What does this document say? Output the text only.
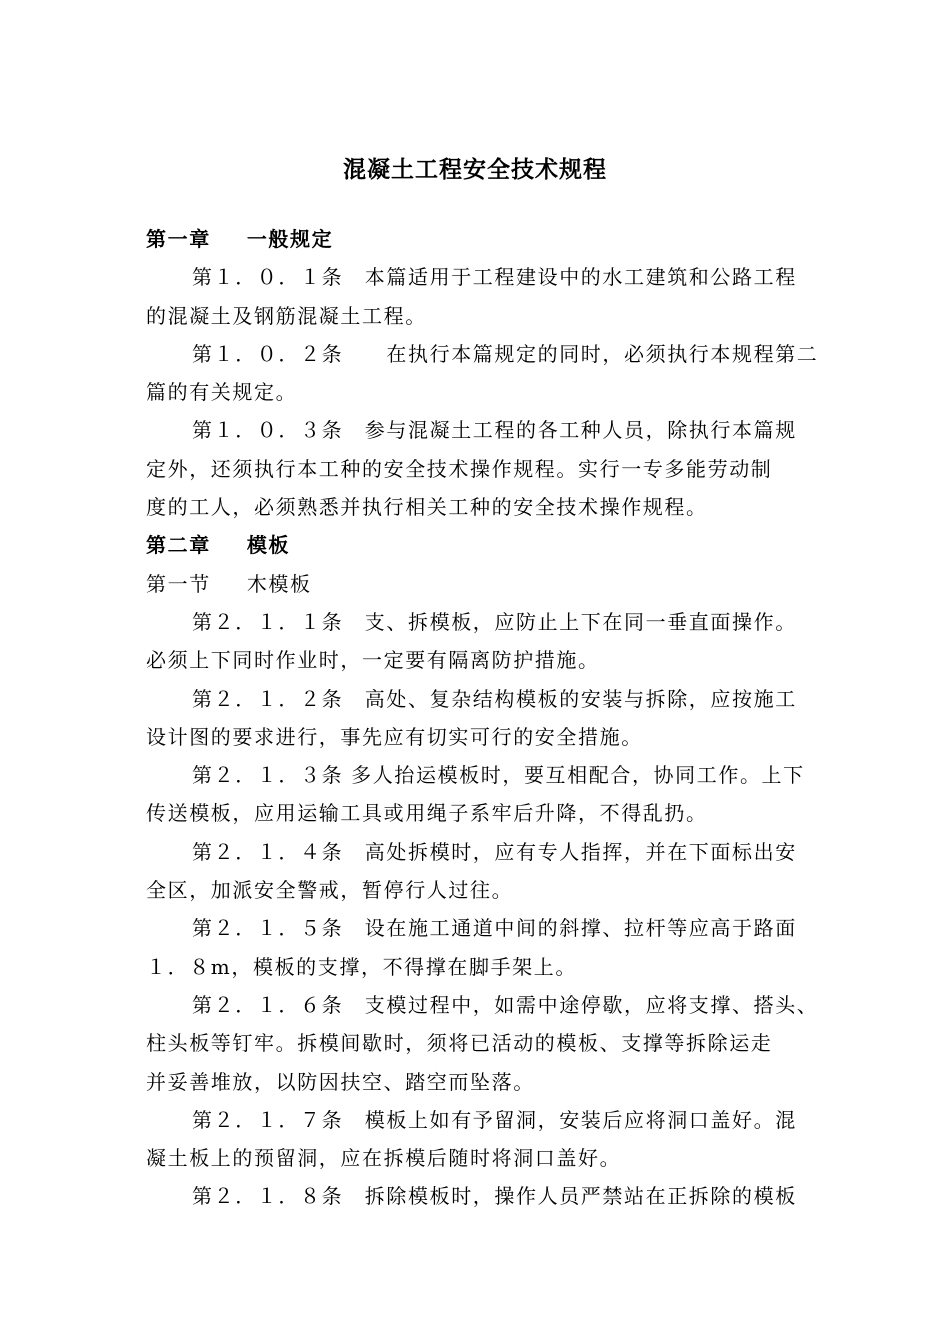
混凝土工程安全技术规程
第一章 一般规定
第１．０．１条　本篇适用于工程建设中的水工建筑和公路工程
的混凝土及钢筋混凝土工程。
第１．０．２条　　在执行本篇规定的同时，必须执行本规程第二
篇的有关规定。
第１．０．３条　参与混凝土工程的各工种人员，除执行本篇规
定外，还须执行本工种的安全技术操作规程。实行一专多能劳动制
度的工人，必须熟悉并执行相关工种的安全技术操作规程。
第二章 模板
第一节 木模板
第２．１．１条　支、拆模板，应防止上下在同一垂直面操作。
必须上下同时作业时，一定要有隔离防护措施。
第２．１．２条　高处、复杂结构模板的安装与拆除，应按施工
设计图的要求进行，事先应有切实可行的安全措施。
第２．１．３条 多人抬运模板时，要互相配合，协同工作。上下
传送模板，应用运输工具或用绳子系牢后升降，不得乱扔。
第２．１．４条　高处拆模时，应有专人指挥，并在下面标出安
全区，加派安全警戒，暂停行人过往。
第２．１．５条　设在施工通道中间的斜撑、拉杆等应高于路面
１．８m，模板的支撑，不得撑在脚手架上。
第２．１．６条　支模过程中，如需中途停歇，应将支撑、搭头、
柱头板等钉牢。拆模间歇时，须将已活动的模板、支撑等拆除运走
并妥善堆放，以防因扶空、踏空而坠落。
第２．１．７条　模板上如有予留洞，安装后应将洞口盖好。混
凝土板上的预留洞，应在拆模后随时将洞口盖好。
第２．１．８条　拆除模板时，操作人员严禁站在正拆除的模板
